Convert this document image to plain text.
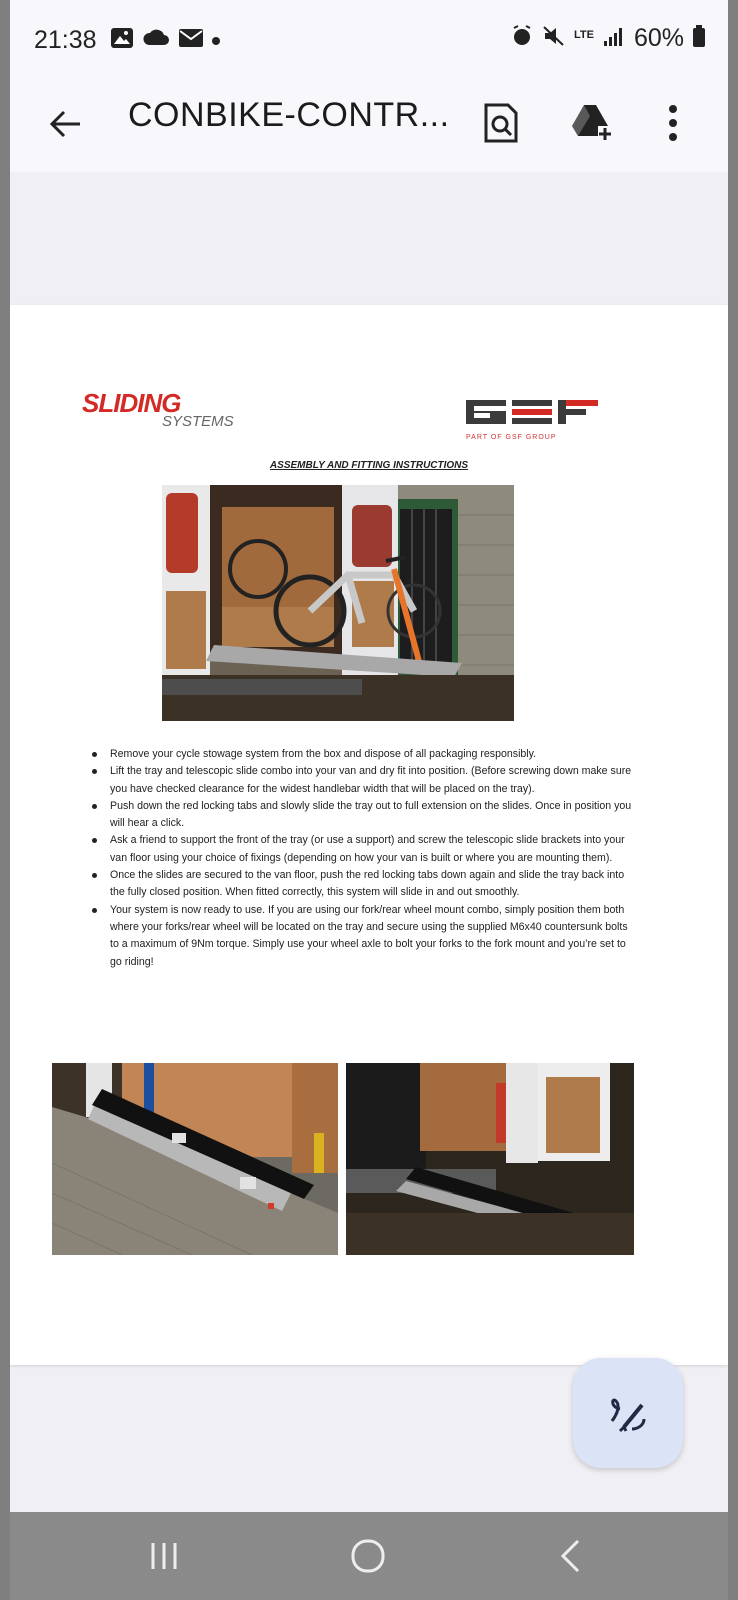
21:38	LTE 60%
CONBIKE-CONTR...
SLIDING
SYSTEMS
PART OF GSF GROUP
ASSEMBLY AND FITTING INSTRUCTIONS
Remove your cycle stowage system from the box and dispose of all packaging responsibly.
Lift the tray and telescopic slide combo into your van and dry fit into position. (Before screwing down make sure you have checked clearance for the widest handlebar width that will be placed on the tray).
Push down the red locking tabs and slowly slide the tray out to full extension on the slides. Once in position you will hear a click.
Ask a friend to support the front of the tray (or use a support) and screw the telescopic slide brackets into your van floor using your choice of fixings (depending on how your van is built or where you are mounting them).
Once the slides are secured to the van floor, push the red locking tabs down again and slide the tray back into the fully closed position. When fitted correctly, this system will slide in and out smoothly.
Your system is now ready to use. If you are using our fork/rear wheel mount combo, simply position them both where your forks/rear wheel will be located on the tray and secure using the supplied M6x40 countersunk bolts to a maximum of 9Nm torque. Simply use your wheel axle to bolt your forks to the fork mount and you’re set to go riding!
